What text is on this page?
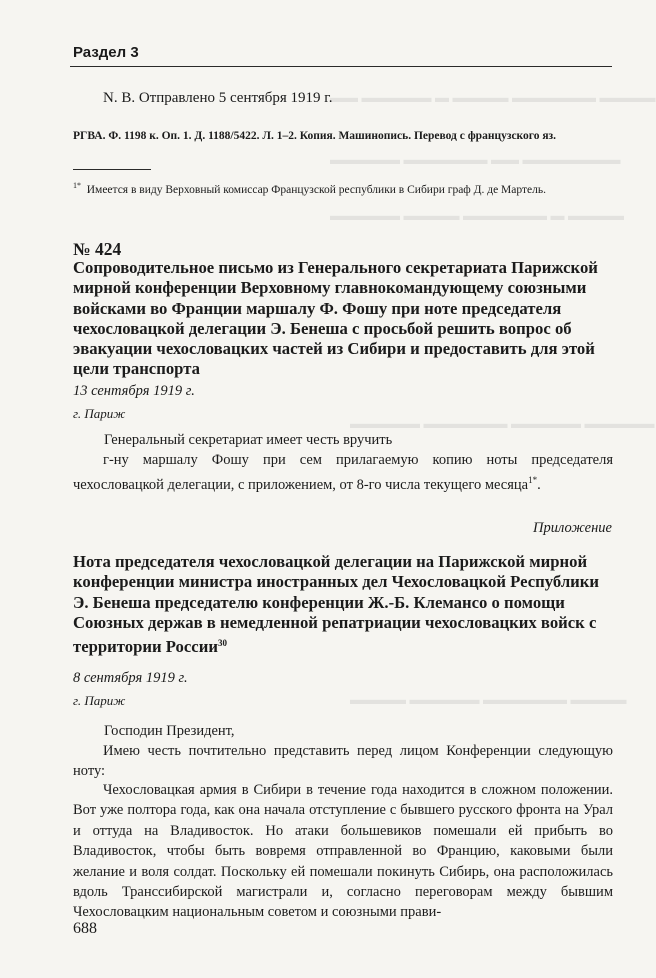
▬▬ ▬▬▬▬▬ ▬ ▬▬▬▬ ▬▬▬▬▬▬ ▬▬▬▬
▬▬▬▬▬ ▬▬▬▬▬▬ ▬▬ ▬▬▬▬▬▬▬
▬▬▬▬▬ ▬▬▬▬ ▬▬▬▬▬▬ ▬ ▬▬▬▬
▬▬▬▬▬ ▬▬▬▬▬▬ ▬▬▬▬▬ ▬▬▬▬▬
▬▬▬▬ ▬▬▬▬▬ ▬▬▬▬▬▬ ▬▬▬▬
Раздел 3
N. B. Отправлено 5 сентября 1919 г.
РГВА. Ф. 1198 к. Оп. 1. Д. 1188/5422. Л. 1–2. Копия. Машинопись. Перевод с французского яз.
$^{1*}$ Имеется в виду Верховный комиссар Французской республики в Сибири граф Д. де Мартель.
№ 424
Сопроводительное письмо из Генерального секретариата Парижской мирной конференции Верховному главнокомандующему союзными войсками во Франции маршалу Ф. Фошу при ноте председателя чехословацкой делегации Э. Бенеша с просьбой решить вопрос об эвакуации чехословацких частей из Сибири и предоставить для этой цели транспорта
13 сентября 1919 г.
г. Париж
Генеральный секретариат имеет честь вручить
г-ну маршалу Фошу при сем прилагаемую копию ноты председателя чехословацкой делегации, с приложением, от 8-го числа текущего месяца$^{1*}$.
Приложение
Нота председателя чехословацкой делегации на Парижской мирной конференции министра иностранных дел Чехословацкой Республики Э. Бенеша председателю конференции Ж.-Б. Клемансо о помощи Союзных держав в немедленной репатриации чехословацких войск с территории России$^{30}$
8 сентября 1919 г.
г. Париж
Господин Президент,
Имею честь почтительно представить перед лицом Конференции следующую ноту:
Чехословацкая армия в Сибири в течение года находится в сложном положении. Вот уже полтора года, как она начала отступление с бывшего русского фронта на Урал и оттуда на Владивосток. Но атаки большевиков помешали ей прибыть во Владивосток, чтобы быть вовремя отправленной во Францию, каковыми были желание и воля солдат. Поскольку ей помешали покинуть Сибирь, она расположилась вдоль Транссибирской магистрали и, согласно переговорам между бывшим Чехословацким национальным советом и союзными прави-
688
